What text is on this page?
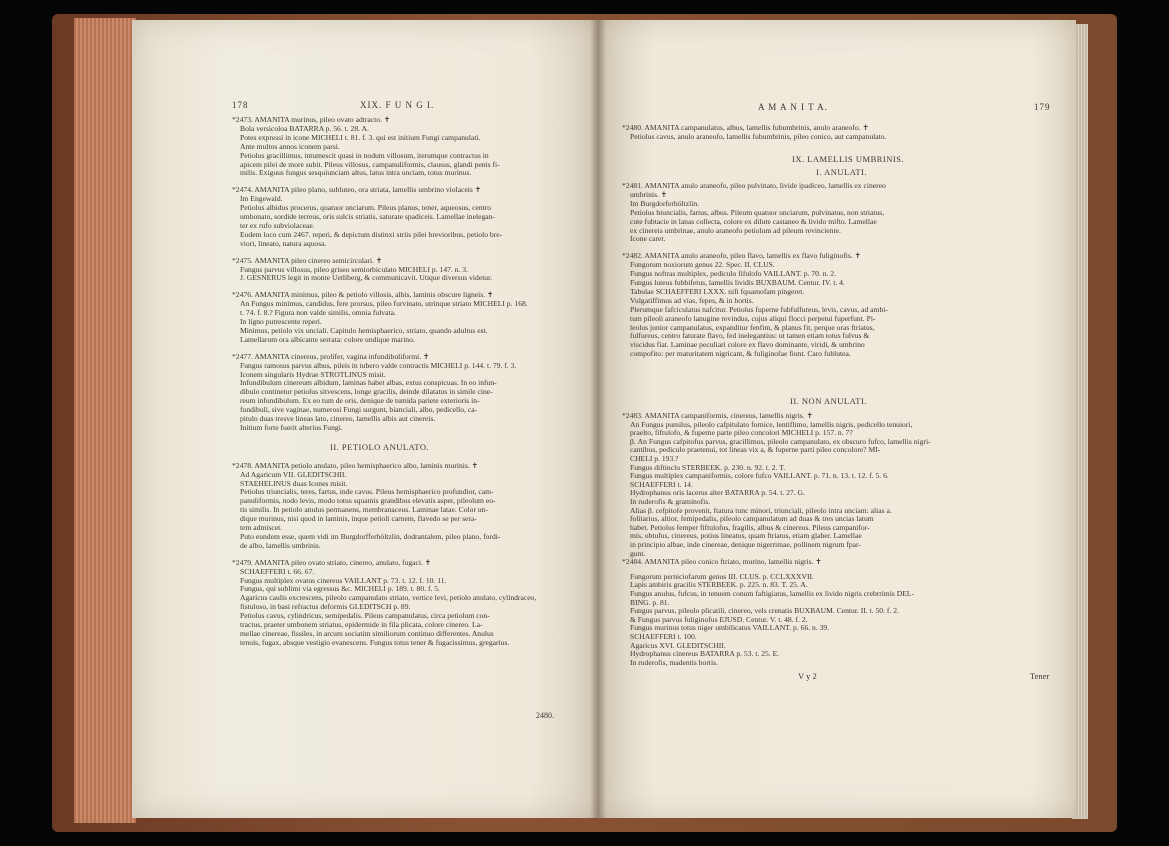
178	XIX. F U N G I.
*2473. AMANITA murinus, pileo ovato adtracto. ✝
Bola versicoloa BATARRA p. 56. t. 28. A.
Potes expressi in icone MICHELI t. 81. f. 3. qui est initium Fungi campanulati.
Ante multos annos iconem parsi.
Petiolus gracillimus, intumescit quasi in nodum villosum, iterumque contractus in
apicem pilei de more subit. Pileus villosus, campanuliformis, clausus, glandi penis fi-
milis. Exiguus fungus sesquiunciam altus, latus intra unciam, totus murinus.
*2474. AMANITA pileo plano, subluteo, ora striata, lamellis umbrino violaceis ✝
Im Engewald.
Petiolus albidus procerus, quatuor unciarum. Pileus planus, tener, aqueosus, centro
umbonato, sordide terreus, oris sulcis striatis, saturate spadiceis. Lamellae inelegan-
ter ex rufo subviolaceae.
Eodem loco cum 2467. reperi, & depictum distinxi striis pilei brevioribus, petiolo bre-
viori, lineato, natura aquosa.
*2475. AMANITA pileo cinereo semicirculari. ✝
Fungus parvus villosus, pileo griseo semiorbiculato MICHELI p. 147. n. 3.
J. GESNERUS legit in monte Uetliberg, & communicavit. Utique diversus videtur.
*2476. AMANITA minimus, pileo & petiolo villosis, albis, laminis obscure ligneis. ✝
An Fungus minimus, candidus, fere prorsus, pileo furvinato, utrinque striato MICHELI p. 168.
t. 74. f. 8.? Figura non valde similis, omnia fulvata.
In ligno putrescente reperi.
Minimus, petiolo vix unciali. Capitulo hemisphaerico, striato, quando adultus est.
Lamellarum ora albicante serrata: colore undique marino.
*2477. AMANITA cinereus, prolifer, vagina infundibuliformi. ✝
Fungus ramosus parvus albus, pileis in tubero valde contractis MICHELI p. 144. t. 79. f. 3.
Iconem singularis Hydrae STROTLINUS misit.
Infundibulum cinereum albidum, laminas habet albas, extus conspicuas. In eo infun-
dibulo continetur petiolus sitvescens, longe gracilis, deinde dilatatus in simile cine-
reum infundibulum. Ex eo tum de oris, denique de tumida pariete exterioris in-
fundibuli, sive vaginae, numerosi Fungi surgunt, bianciali, albo, pedicello, ca-
pitulo duas tresve lineas lato, cinereo, lamellis albis aut cinereis.
Initium forte fuerit alterius Fungi.
II. PETIOLO ANULATO.
*2478. AMANITA petiolo anulato, pileo hemisphaerico albo, laminis murinis. ✝
Ad Agaricum VII. GLEDITSCHII.
STAEHELINUS duas Icones misit.
Petiolus triuncialis, teres, fartus, inde cavus. Pileus hemisphaerico profundior, cam-
panuliformis, nodo levis, modo totus squamis grandibus elevatis asper, pileolum eo-
tis similis. In petiolo anulus permanens, membranaceus. Laminae latae. Color un-
dique murinus, nisi quod in laminis, inque petioli carnem, flavedo se per sera-
tem admiscet.
Puto eundem esse, quem vidi im Burgdorfferhöltzlin, dodrantalem, pileo plano, fordi-
de albo, lamellis umbrinis.
*2479. AMANITA pileo ovato striato, cinereo, anulato, fugaci. ✝
SCHAEFFERI t. 66. 67.
Fungus multiplex ovatus cinereus VAILLANT p. 73. t. 12. f. 10. 11.
Fungus, qui sublimi via egressus &c. MICHELI p. 189. t. 80. f. 5.
Agaricus caulis excrescens, pileolo campanulato striato, vertice levi, petiolo anulato, cylindraceo,
fistuloso, in basi refractus deformis GLEDITSCH p. 89.
Petiolus cavus, cylindricus, semipedalis. Pileus campanulatus, circa petiolum con-
tractus, praeter umbonem striatus, epidermide in fila plicata, colore cinereo. La-
mellae cinereae, fissiles, in arcum sociatim similiorum continuo differentes. Anulus
tenuis, fugax, absque vestigio evanescens. Fungus totus tener & fugacissimus, gregarius.
2480.
A M A N I T A.	179
*2480. AMANITA campanulatus, albus, lamellis fubumbrinis, anulo araneofo. ✝
Petiolus cavus, anulo araneofo, lamellis fubumbrinis, pileo conico, aut campanulato.
IX. LAMELLIS UMBRINIS.
I. ANULATI.
*2481. AMANITA anulo araneofo, pileo pulvinato, livide ipadiceo, lamellis ex cinereo
umbrinis. ✝
Im Burgdorferhöltzlin.
Petiolus biuncialis, fartus, albus. Pileum quatuor unciarum, pulvinatus, non striatus,
cute fubtacie in lanas collecta, colore ex dilute castaneo & livido mifto. Lamellae
ex cinereis umbrinae, anulo araneofo petiolum ad pileum revinciente.
Icone caret.
*2482. AMANITA anulo araneofo, pileo flavo, lamellis ex flavo fuliginofis. ✝
Fungorum noxiorum genus 22. Spec. II. CLUS.
Fungus noftras multiplex, pediculo fifulofo VAILLANT. p. 70. n. 2.
Fungus luteus fubbifetus, lamellis lividis BUXBAUM. Centur. IV. t. 4.
Tabulae SCHAEFFERI LXXX. nifi fquamofam pingeret.
Vulgatiffimus ad vias, fepes, & in hortis.
Plerumque fafciculatus nafcitur. Petiolus fuperne fubfulfureus, levis, cavus, ad ambi-
tum pileoli araneofo lanugine revindus, cujus aliqui flocci perpetui fuperfunt. Pi-
leolus junior campanulatus, expanditur fenfim, & planus fit, perque oras ftriatus,
fulfureus, centro faturate flavo, fed inelegantius: ut tamen etiam totus fulvus &
viscidus fiat. Laminae peculiari colore ex flavo dominante, viridi, & umbrino
compofito: per maturitatem nigricant, & fuliginofae fiunt. Caro fublutea.
II. NON ANULATI.
*2483. AMANITA campaniformis, cinereus, lamellis nigris. ✝
An Fungus pumilus, pileolo cafpitulato fornice, lentiflimo, lamellis nigris, pedicello tenuiori,
praelto, fiftulofo, & fuperne parte pileo concolori MICHELI p. 157. n. 7?
β. An Fungus cafpitofus parvus, gracillimus, pileolo campanulato, ex obscuro fufco, lamellis nigri-
cantibus, pediculo praetenui, tot lineas vix a, & fuperne parti pileo concolore? MI-
CHELI p. 193.?
Fungus diftinclu STERBEEK. p. 230. n. 92. t. 2. T.
Fungus multiplex campaniformis, colore fufco VAILLANT. p. 71. n. 13. t. 12. f. 5. 6.
SCHAEFFERI t. 14.
Hydrophanus oris lacerus alter BATARRA p. 54. t. 27. G.
In ruderofis & graminofis.
Alias β. cefpitofe provenit, ftatura tunc minori, triunciali, pileolo intra unciam: alias a.
folitarius, altior, femipedalis, pileolo campanulatum ad duas & tres uncias latum
habet. Petiolus femper fiftulofus, fragilis, albus & cinereus. Pileus campanifor-
mis, obtufus, cinereus, potius lineatus, quam ftriatus, etiam glaber. Lamellae
in principio albae, inde cinereae, denique nigerrimae, pollinem nigrum fpar-
gunt.
*2484. AMANITA pileo conico ftriato, murino, lamellis nigris. ✝
Fungorum perniciofarum genus III. CLUS. p. CCLXXXVII.
Lapis ambiris gracilis STERBEEK. p. 225. n. 83. T. 25. A.
Fungus anulus, fufcus, in tenuem conum faftigiatus, lamellis ex livido nigris crebrrimis DEL-
BING. p. 81.
Fungus parvus, pileolo plicatili, cinereo, vels crenatis BUXBAUM. Centur. II. t. 50. f. 2.
& Fungus parvus fuliginofus EJUSD. Centur. V. t. 48. f. 2.
Fungus murinus totus niger umbilicatus VAILLANT. p. 66. n. 39.
SCHAEFFERI t. 100.
Agaricus XVI. GLEDITSCHII.
Hydrophanus cinereus BATARRA p. 53. t. 25. E.
In ruderofis, madentis hortis.
V y 2	Tener
